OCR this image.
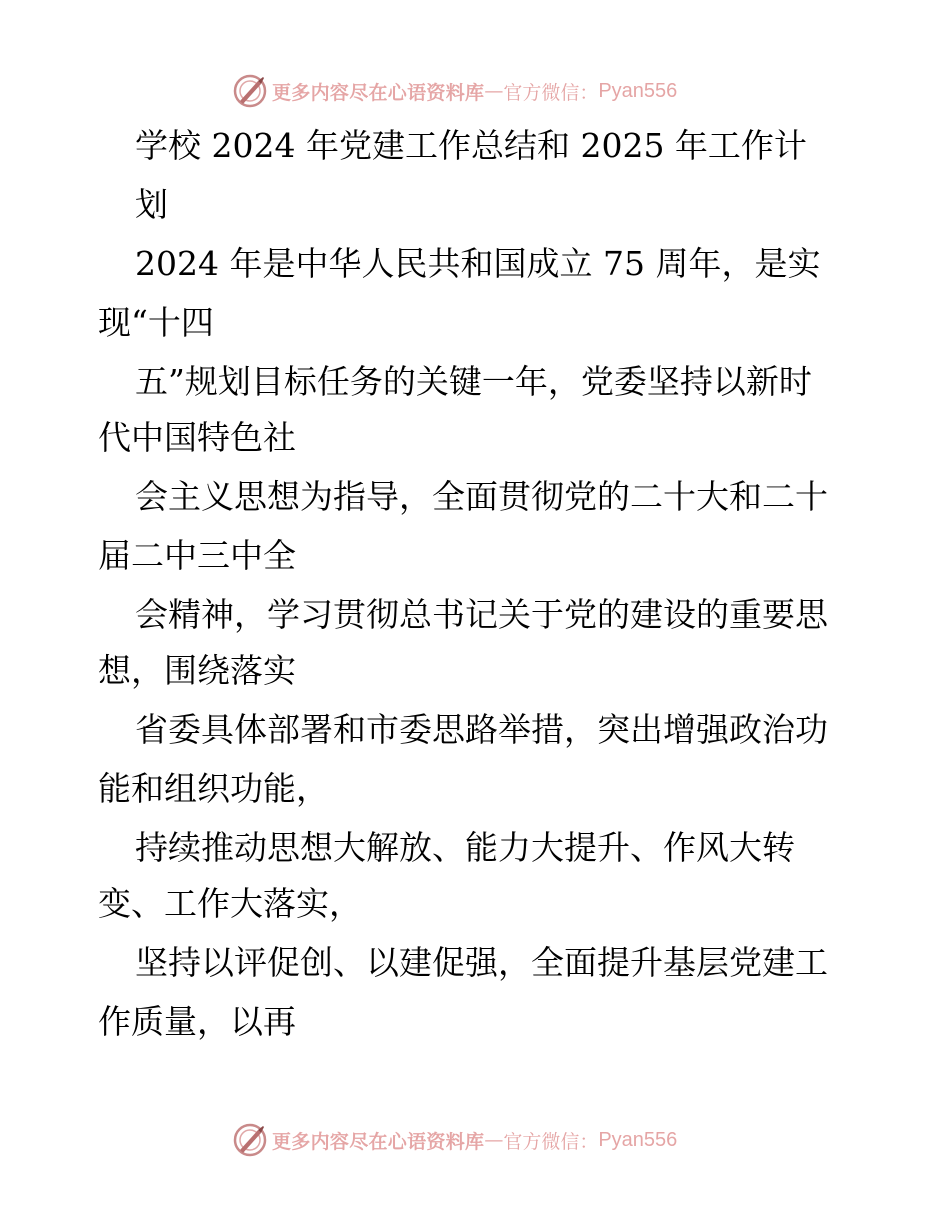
更多内容尽在心语资料库 — 官方微信： Pyan556
学校 2024 年党建工作总结和 2025 年工作计
划
2024 年是中华人民共和国成立 75 周年，是实
现“十四
五”规划目标任务的关键一年，党委坚持以新时
代中国特色社
会主义思想为指导，全面贯彻党的二十大和二十
届二中三中全
会精神，学习贯彻总书记关于党的建设的重要思
想，围绕落实
省委具体部署和市委思路举措，突出增强政治功
能和组织功能，
持续推动思想大解放、能力大提升、作风大转
变、工作大落实，
坚持以评促创、以建促强，全面提升基层党建工
作质量，以再
更多内容尽在心语资料库 — 官方微信： Pyan556
